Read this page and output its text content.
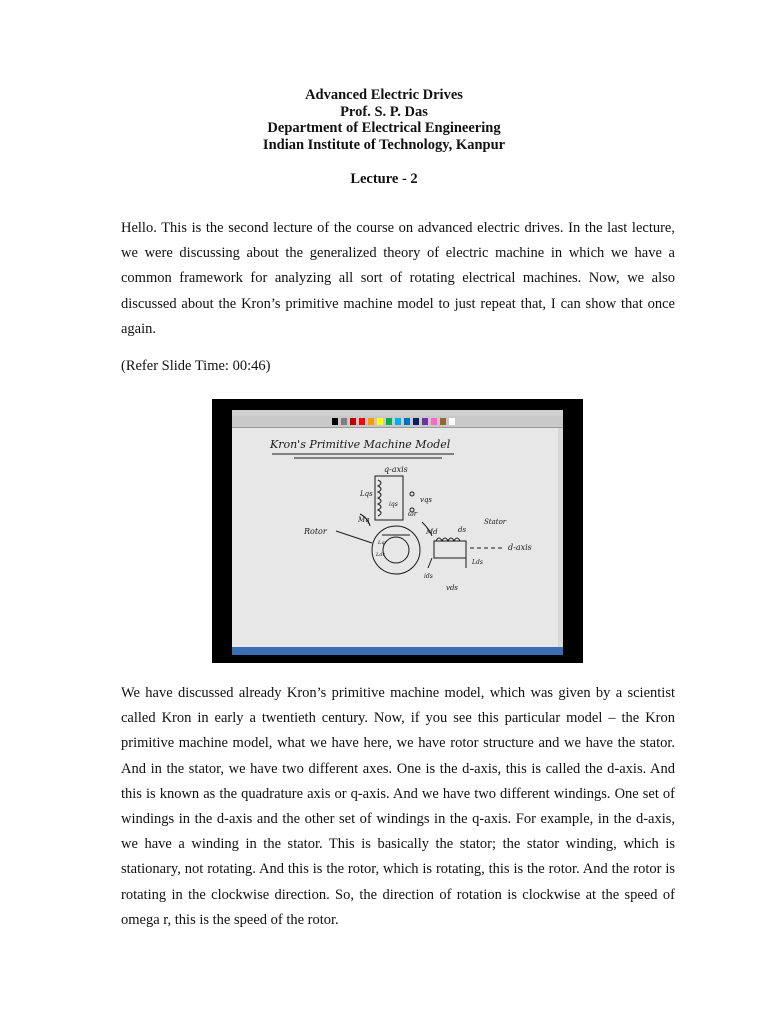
Advanced Electric Drives
Prof. S. P. Das
Department of Electrical Engineering
Indian Institute of Technology, Kanpur
Lecture - 2

Hello. This is the second lecture of the course on advanced electric drives. In the last lecture, we were discussing about the generalized theory of electric machine in which we have a common framework for analyzing all sort of rotating electrical machines. Now, we also discussed about the Kron’s primitive machine model to just repeat that, I can show that once again.

(Refer Slide Time: 00:46)
Kron's Primitive Machine Model
q-axis
Lqs
iqs
vqs
Stator
Rotor
Mq
ωr
Md	ds
d-axis
Lds
ids
vds
Lqr
Ldr

We have discussed already Kron’s primitive machine model, which was given by a scientist called Kron in early a twentieth century. Now, if you see this particular model – the Kron primitive machine model, what we have here, we have rotor structure and we have the stator. And in the stator, we have two different axes. One is the d-axis, this is called the d-axis. And this is known as the quadrature axis or q-axis. And we have two different windings. One set of windings in the d-axis and the other set of windings in the q-axis. For example, in the d-axis, we have a winding in the stator. This is basically the stator; the stator winding, which is stationary, not rotating. And this is the rotor, which is rotating, this is the rotor. And the rotor is rotating in the clockwise direction. So, the direction of rotation is clockwise at the speed of omega r, this is the speed of the rotor.
